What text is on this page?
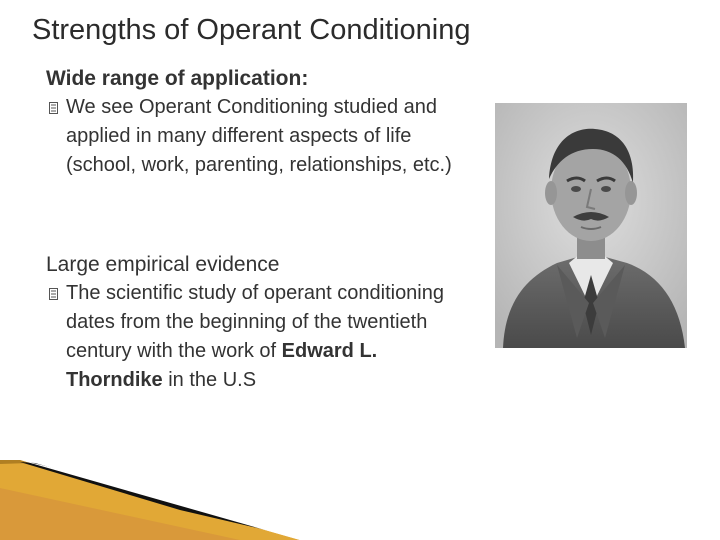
Strengths of Operant Conditioning
Wide range of application:
We see Operant Conditioning studied and applied in many different aspects of life (school, work, parenting, relationships, etc.)
Large empirical evidence
The scientific study of operant conditioning dates from the beginning of the twentieth century with the work of Edward L. Thorndike in the U.S
